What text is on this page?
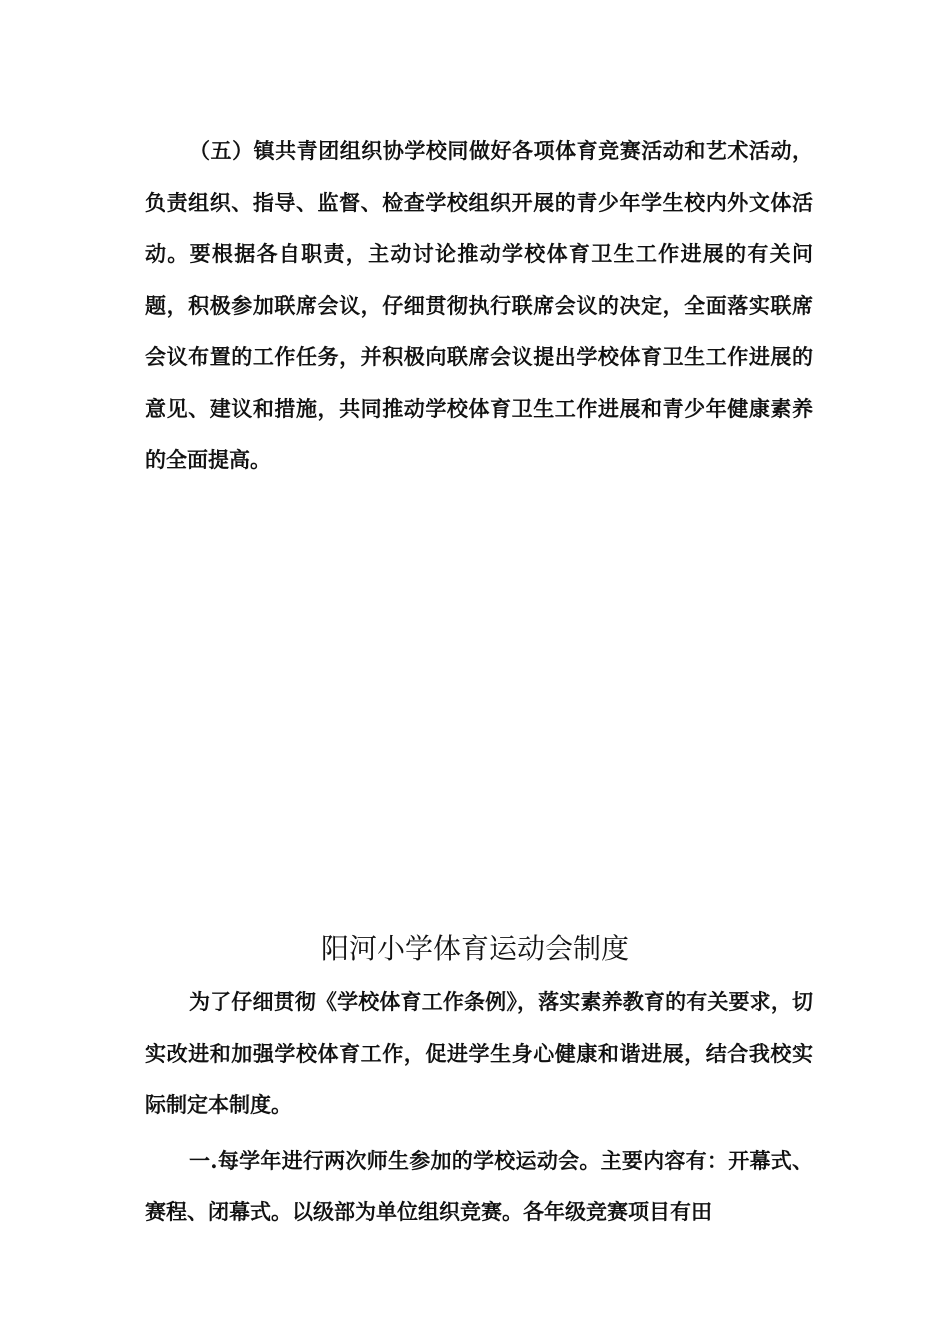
（五）镇共青团组织协学校同做好各项体育竞赛活动和艺术活动，负责组织、指导、监督、检查学校组织开展的青少年学生校内外文体活动。要根据各自职责，主动讨论推动学校体育卫生工作进展的有关问题，积极参加联席会议，仔细贯彻执行联席会议的决定，全面落实联席会议布置的工作任务，并积极向联席会议提出学校体育卫生工作进展的意见、建议和措施，共同推动学校体育卫生工作进展和青少年健康素养的全面提高。

阳河小学体育运动会制度

为了仔细贯彻《学校体育工作条例》，落实素养教育的有关要求，切实改进和加强学校体育工作，促进学生身心健康和谐进展，结合我校实际制定本制度。

一.每学年进行两次师生参加的学校运动会。主要内容有：开幕式、赛程、闭幕式。以级部为单位组织竞赛。各年级竞赛项目有田
